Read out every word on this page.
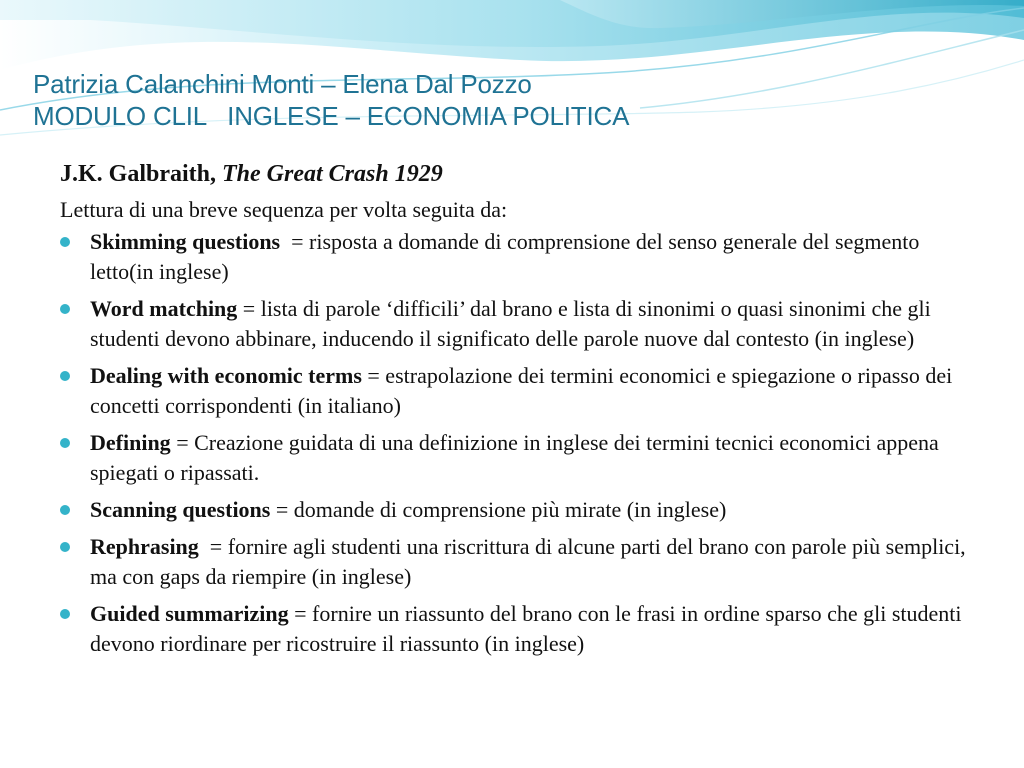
Patrizia Calanchini Monti – Elena Dal Pozzo
MODULO CLIL   INGLESE – ECONOMIA POLITICA
J.K. Galbraith, The Great Crash 1929
Lettura di una breve sequenza per volta seguita da:
Skimming questions  = risposta a domande di comprensione del senso generale del segmento letto(in inglese)
Word matching = lista di parole ‘difficili’ dal brano e lista di sinonimi o quasi sinonimi che gli studenti devono abbinare, inducendo il significato delle parole nuove dal contesto (in inglese)
Dealing with economic terms = estrapolazione dei termini economici e spiegazione o ripasso dei concetti corrispondenti (in italiano)
Defining = Creazione guidata di una definizione in inglese dei termini tecnici economici appena spiegati o ripassati.
Scanning questions = domande di comprensione più mirate (in inglese)
Rephrasing  = fornire agli studenti una riscrittura di alcune parti del brano con parole più semplici, ma con gaps da riempire (in inglese)
Guided summarizing = fornire un riassunto del brano con le frasi in ordine sparso che gli studenti devono riordinare per ricostruire il riassunto (in inglese)
